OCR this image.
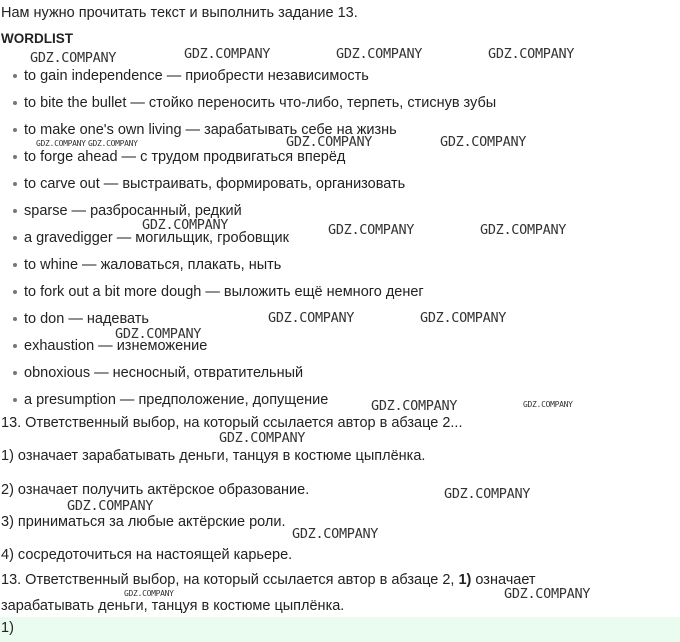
Нам нужно прочитать текст и выполнить задание 13.
WORDLIST
to gain independence — приобрести независимость
to bite the bullet — стойко переносить что-либо, терпеть, стиснув зубы
to make one's own living — зарабатывать себе на жизнь
to forge ahead — с трудом продвигаться вперёд
to carve out — выстраивать, формировать, организовать
sparse — разбросанный, редкий
a gravedigger — могильщик, гробовщик
to whine — жаловаться, плакать, ныть
to fork out a bit more dough — выложить ещё немного денег
to don — надевать
exhaustion — изнеможение
obnoxious — несносный, отвратительный
a presumption — предположение, допущение
13. Ответственный выбор, на который ссылается автор в абзаце 2...
1) означает зарабатывать деньги, танцуя в костюме цыплёнка.
2) означает получить актёрское образование.
3) приниматься за любые актёрские роли.
4) сосредоточиться на настоящей карьере.
13. Ответственный выбор, на который ссылается автор в абзаце 2, 1) означает
зарабатывать деньги, танцуя в костюме цыплёнка.
1)
GDZ.COMPANY	GDZ.COMPANY	GDZ.COMPANY	GDZ.COMPANY
GDZ.COMPANY GDZ.COMPANY	GDZ.COMPANY	GDZ.COMPANY
GDZ.COMPANY	GDZ.COMPANY	GDZ.COMPANY
GDZ.COMPANY	GDZ.COMPANY
GDZ.COMPANY
GDZ.COMPANY	GDZ.COMPANY
GDZ.COMPANY
GDZ.COMPANY
GDZ.COMPANY
GDZ.COMPANY
GDZ.COMPANY	GDZ.COMPANY
